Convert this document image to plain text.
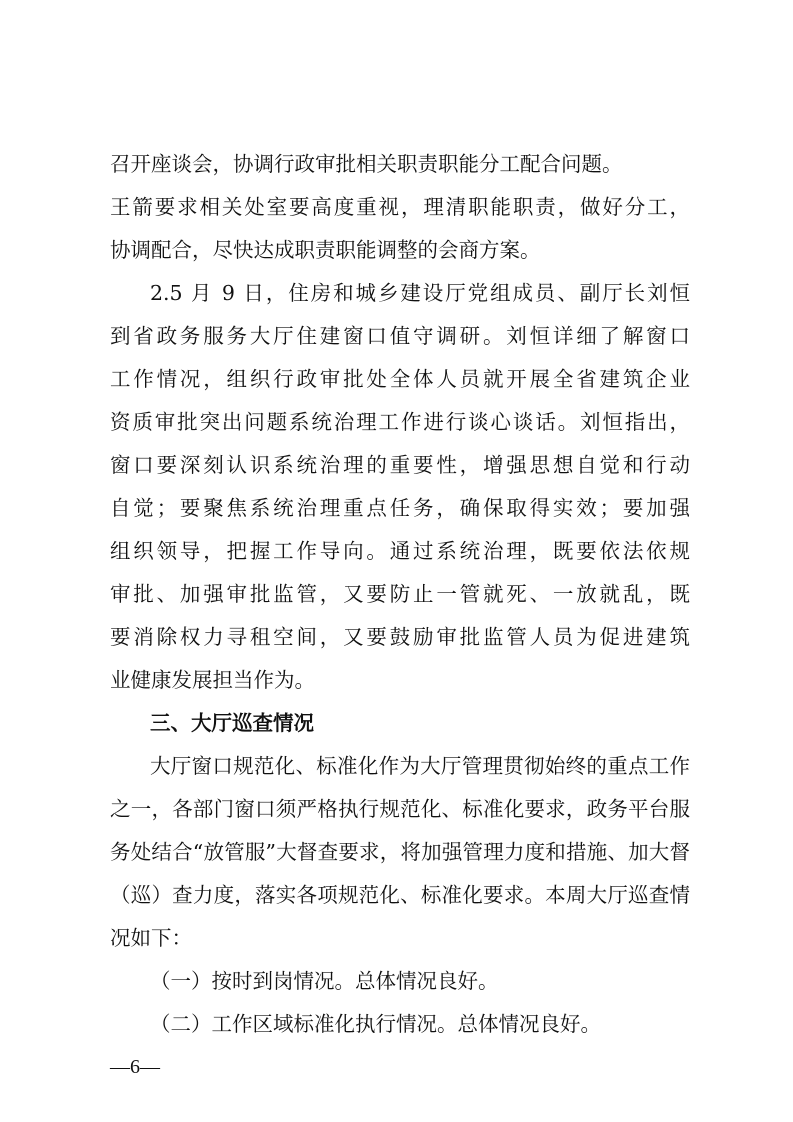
召开座谈会，协调行政审批相关职责职能分工配合问题。
王箭要求相关处室要高度重视，理清职能职责，做好分工，
协调配合，尽快达成职责职能调整的会商方案。
2.5 月 9 日，住房和城乡建设厅党组成员、副厅长刘恒
到省政务服务大厅住建窗口值守调研。刘恒详细了解窗口
工作情况，组织行政审批处全体人员就开展全省建筑企业
资质审批突出问题系统治理工作进行谈心谈话。刘恒指出，
窗口要深刻认识系统治理的重要性，增强思想自觉和行动
自觉；要聚焦系统治理重点任务，确保取得实效；要加强
组织领导，把握工作导向。通过系统治理，既要依法依规
审批、加强审批监管，又要防止一管就死、一放就乱，既
要消除权力寻租空间，又要鼓励审批监管人员为促进建筑
业健康发展担当作为。
三、大厅巡查情况
大厅窗口规范化、标准化作为大厅管理贯彻始终的重点工作
之一，各部门窗口须严格执行规范化、标准化要求，政务平台服
务处结合“放管服”大督查要求，将加强管理力度和措施、加大督
（巡）查力度，落实各项规范化、标准化要求。本周大厅巡查情
况如下：
（一）按时到岗情况。总体情况良好。
（二）工作区域标准化执行情况。总体情况良好。
—6—
